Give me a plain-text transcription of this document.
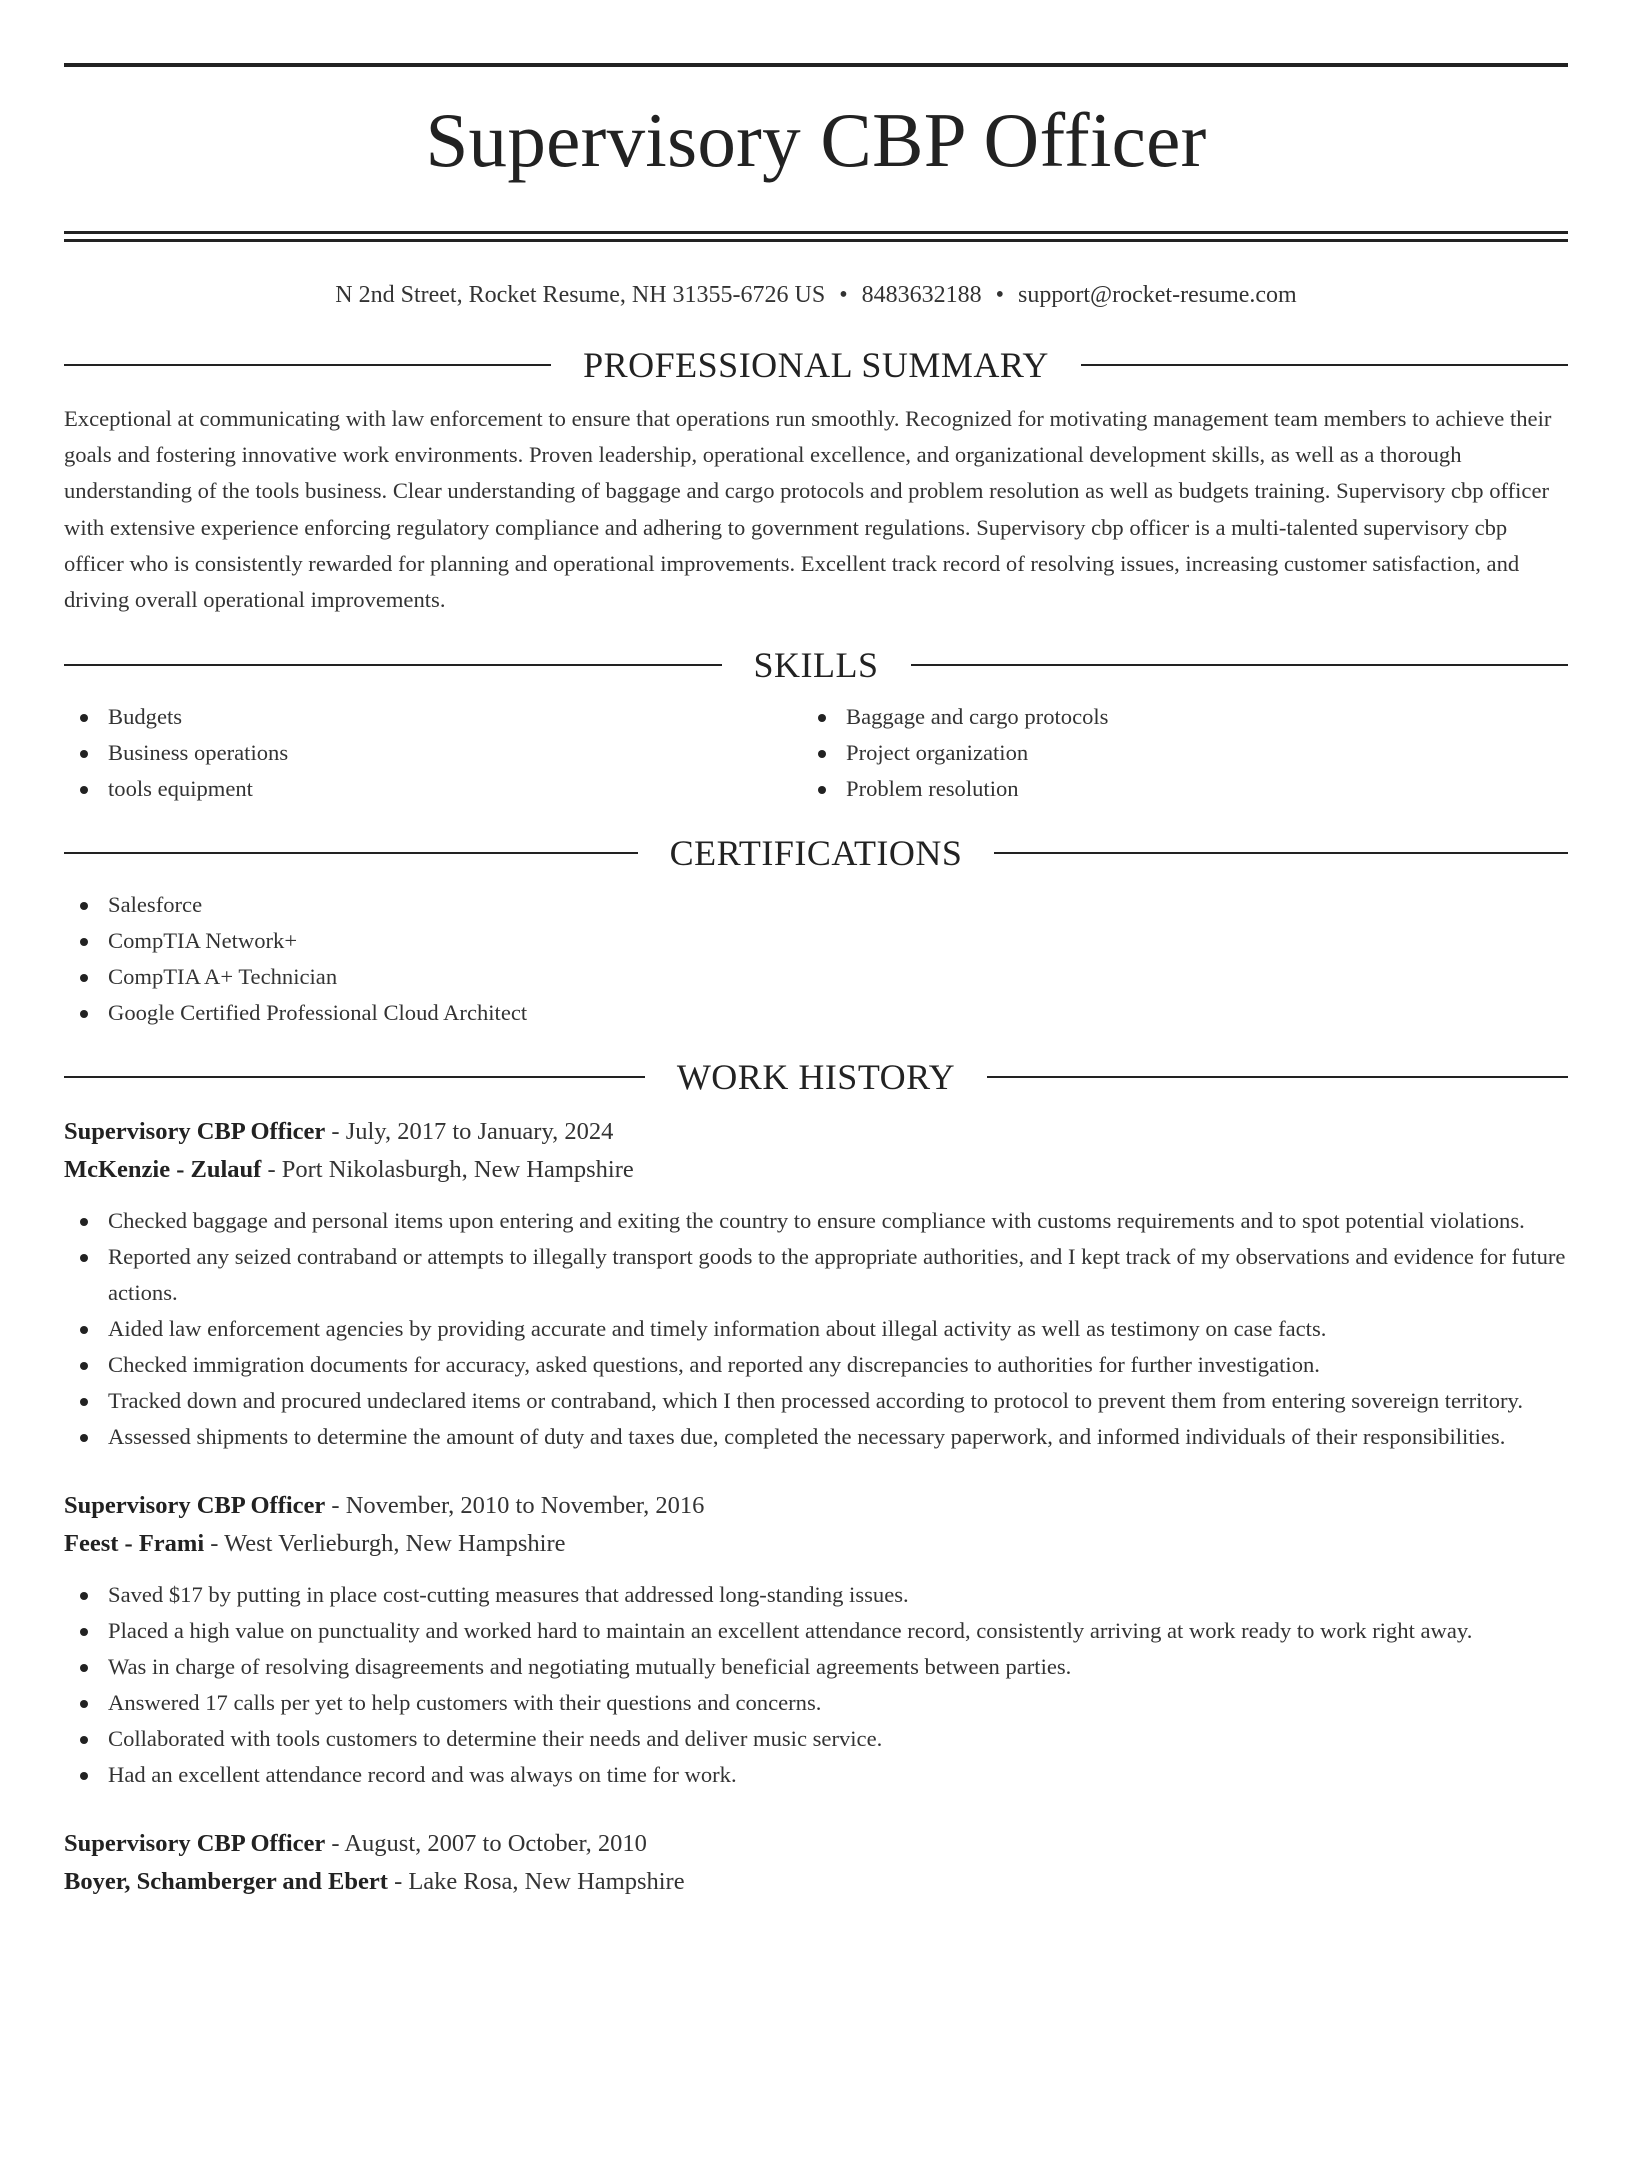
Supervisory CBP Officer
N 2nd Street, Rocket Resume, NH 31355-6726 US • 8483632188 • support@rocket-resume.com
PROFESSIONAL SUMMARY

Exceptional at communicating with law enforcement to ensure that operations run smoothly. Recognized for motivating management team members to achieve their goals and fostering innovative work environments. Proven leadership, operational excellence, and organizational development skills, as well as a thorough understanding of the tools business. Clear understanding of baggage and cargo protocols and problem resolution as well as budgets training. Supervisory cbp officer with extensive experience enforcing regulatory compliance and adhering to government regulations. Supervisory cbp officer is a multi-talented supervisory cbp officer who is consistently rewarded for planning and operational improvements. Excellent track record of resolving issues, increasing customer satisfaction, and driving overall operational improvements.

SKILLS
Budgets
Business operations
tools equipment
Baggage and cargo protocols
Project organization
Problem resolution
CERTIFICATIONS
Salesforce
CompTIA Network+
CompTIA A+ Technician
Google Certified Professional Cloud Architect
WORK HISTORY
Supervisory CBP Officer - July, 2017 to January, 2024
McKenzie - Zulauf - Port Nikolasburgh, New Hampshire
Checked baggage and personal items upon entering and exiting the country to ensure compliance with customs requirements and to spot potential violations.
Reported any seized contraband or attempts to illegally transport goods to the appropriate authorities, and I kept track of my observations and evidence for future actions.
Aided law enforcement agencies by providing accurate and timely information about illegal activity as well as testimony on case facts.
Checked immigration documents for accuracy, asked questions, and reported any discrepancies to authorities for further investigation.
Tracked down and procured undeclared items or contraband, which I then processed according to protocol to prevent them from entering sovereign territory.
Assessed shipments to determine the amount of duty and taxes due, completed the necessary paperwork, and informed individuals of their responsibilities.
Supervisory CBP Officer - November, 2010 to November, 2016
Feest - Frami - West Verlieburgh, New Hampshire
Saved $17 by putting in place cost-cutting measures that addressed long-standing issues.
Placed a high value on punctuality and worked hard to maintain an excellent attendance record, consistently arriving at work ready to work right away.
Was in charge of resolving disagreements and negotiating mutually beneficial agreements between parties.
Answered 17 calls per yet to help customers with their questions and concerns.
Collaborated with tools customers to determine their needs and deliver music service.
Had an excellent attendance record and was always on time for work.
Supervisory CBP Officer - August, 2007 to October, 2010
Boyer, Schamberger and Ebert - Lake Rosa, New Hampshire
